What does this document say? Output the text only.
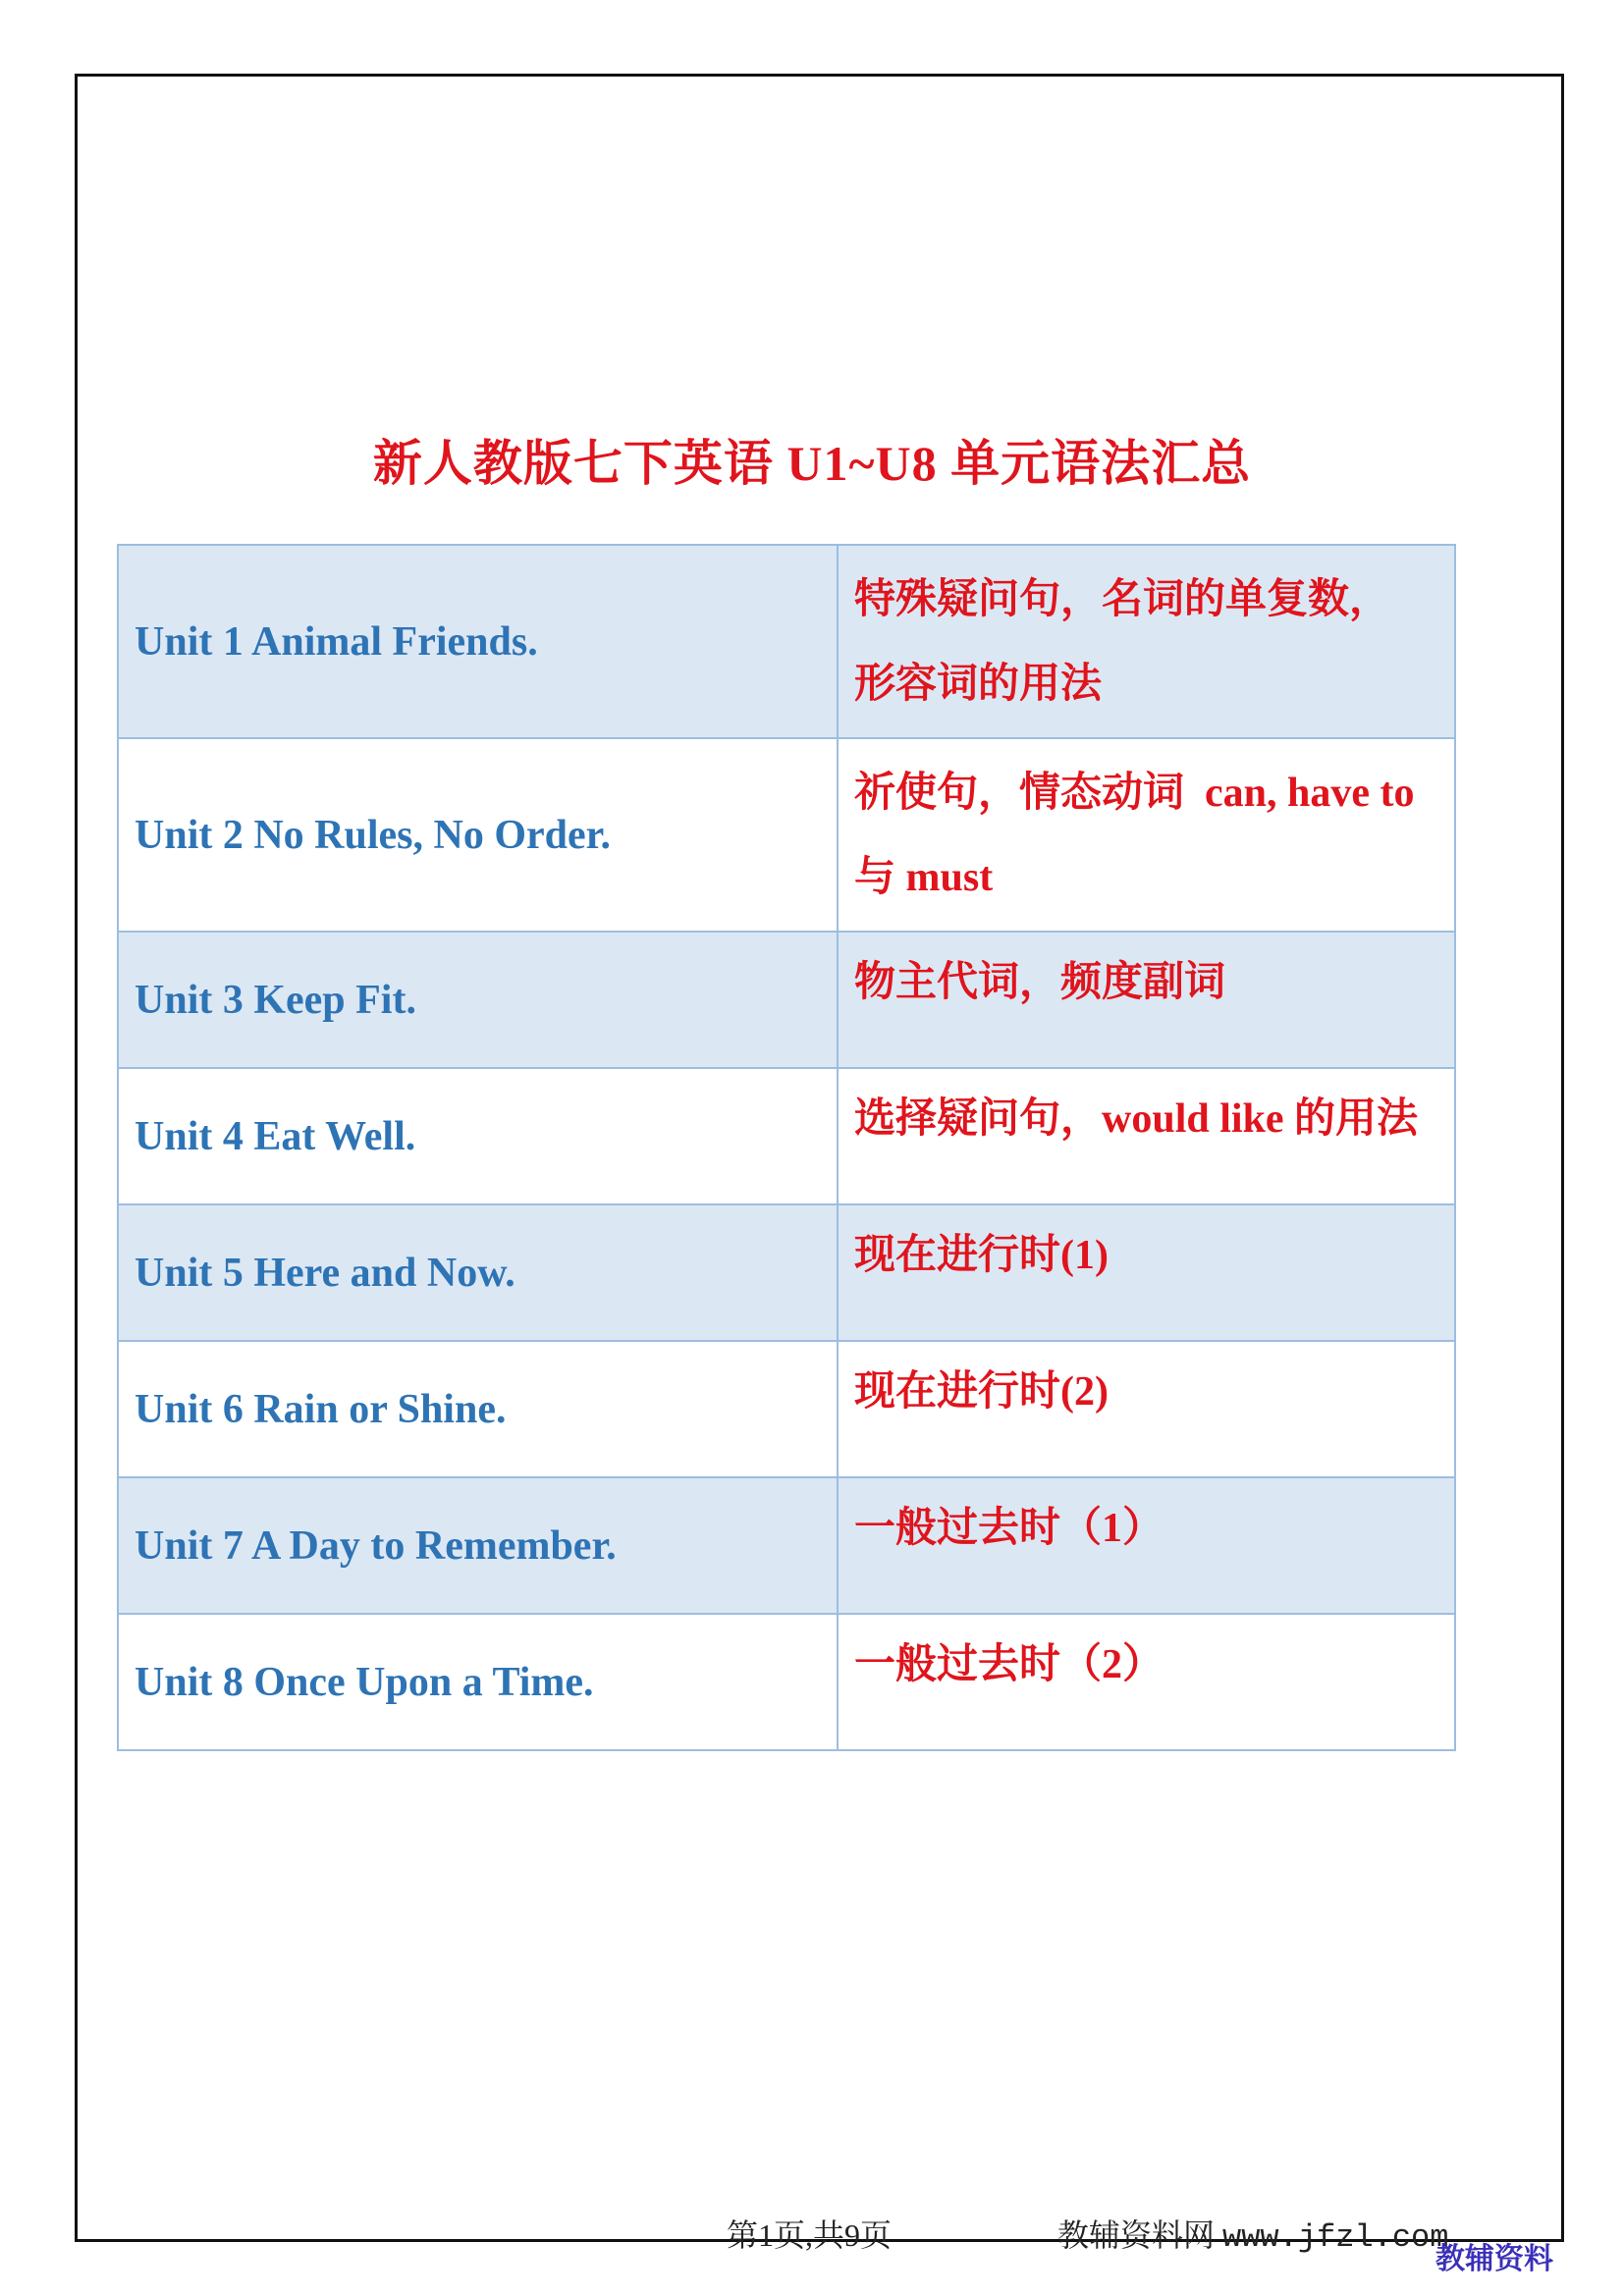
新人教版七下英语 U1~U8 单元语法汇总
Unit 1 Animal Friends.	特殊疑问句，名词的单复数，
形容词的用法

Unit 2 No Rules, No Order.	祈使句，情态动词  can, have to
与 must

Unit 3 Keep Fit.	物主代词，频度副词

Unit 4 Eat Well.	选择疑问句，would like 的用法

Unit 5 Here and Now.	现在进行时(1)

Unit 6 Rain or Shine.	现在进行时(2)

Unit 7 A Day to Remember.	一般过去时（1）

Unit 8 Once Upon a Time.	一般过去时（2）
第1页,共9页	教辅资料网 www.jfzl.com
教辅资料
